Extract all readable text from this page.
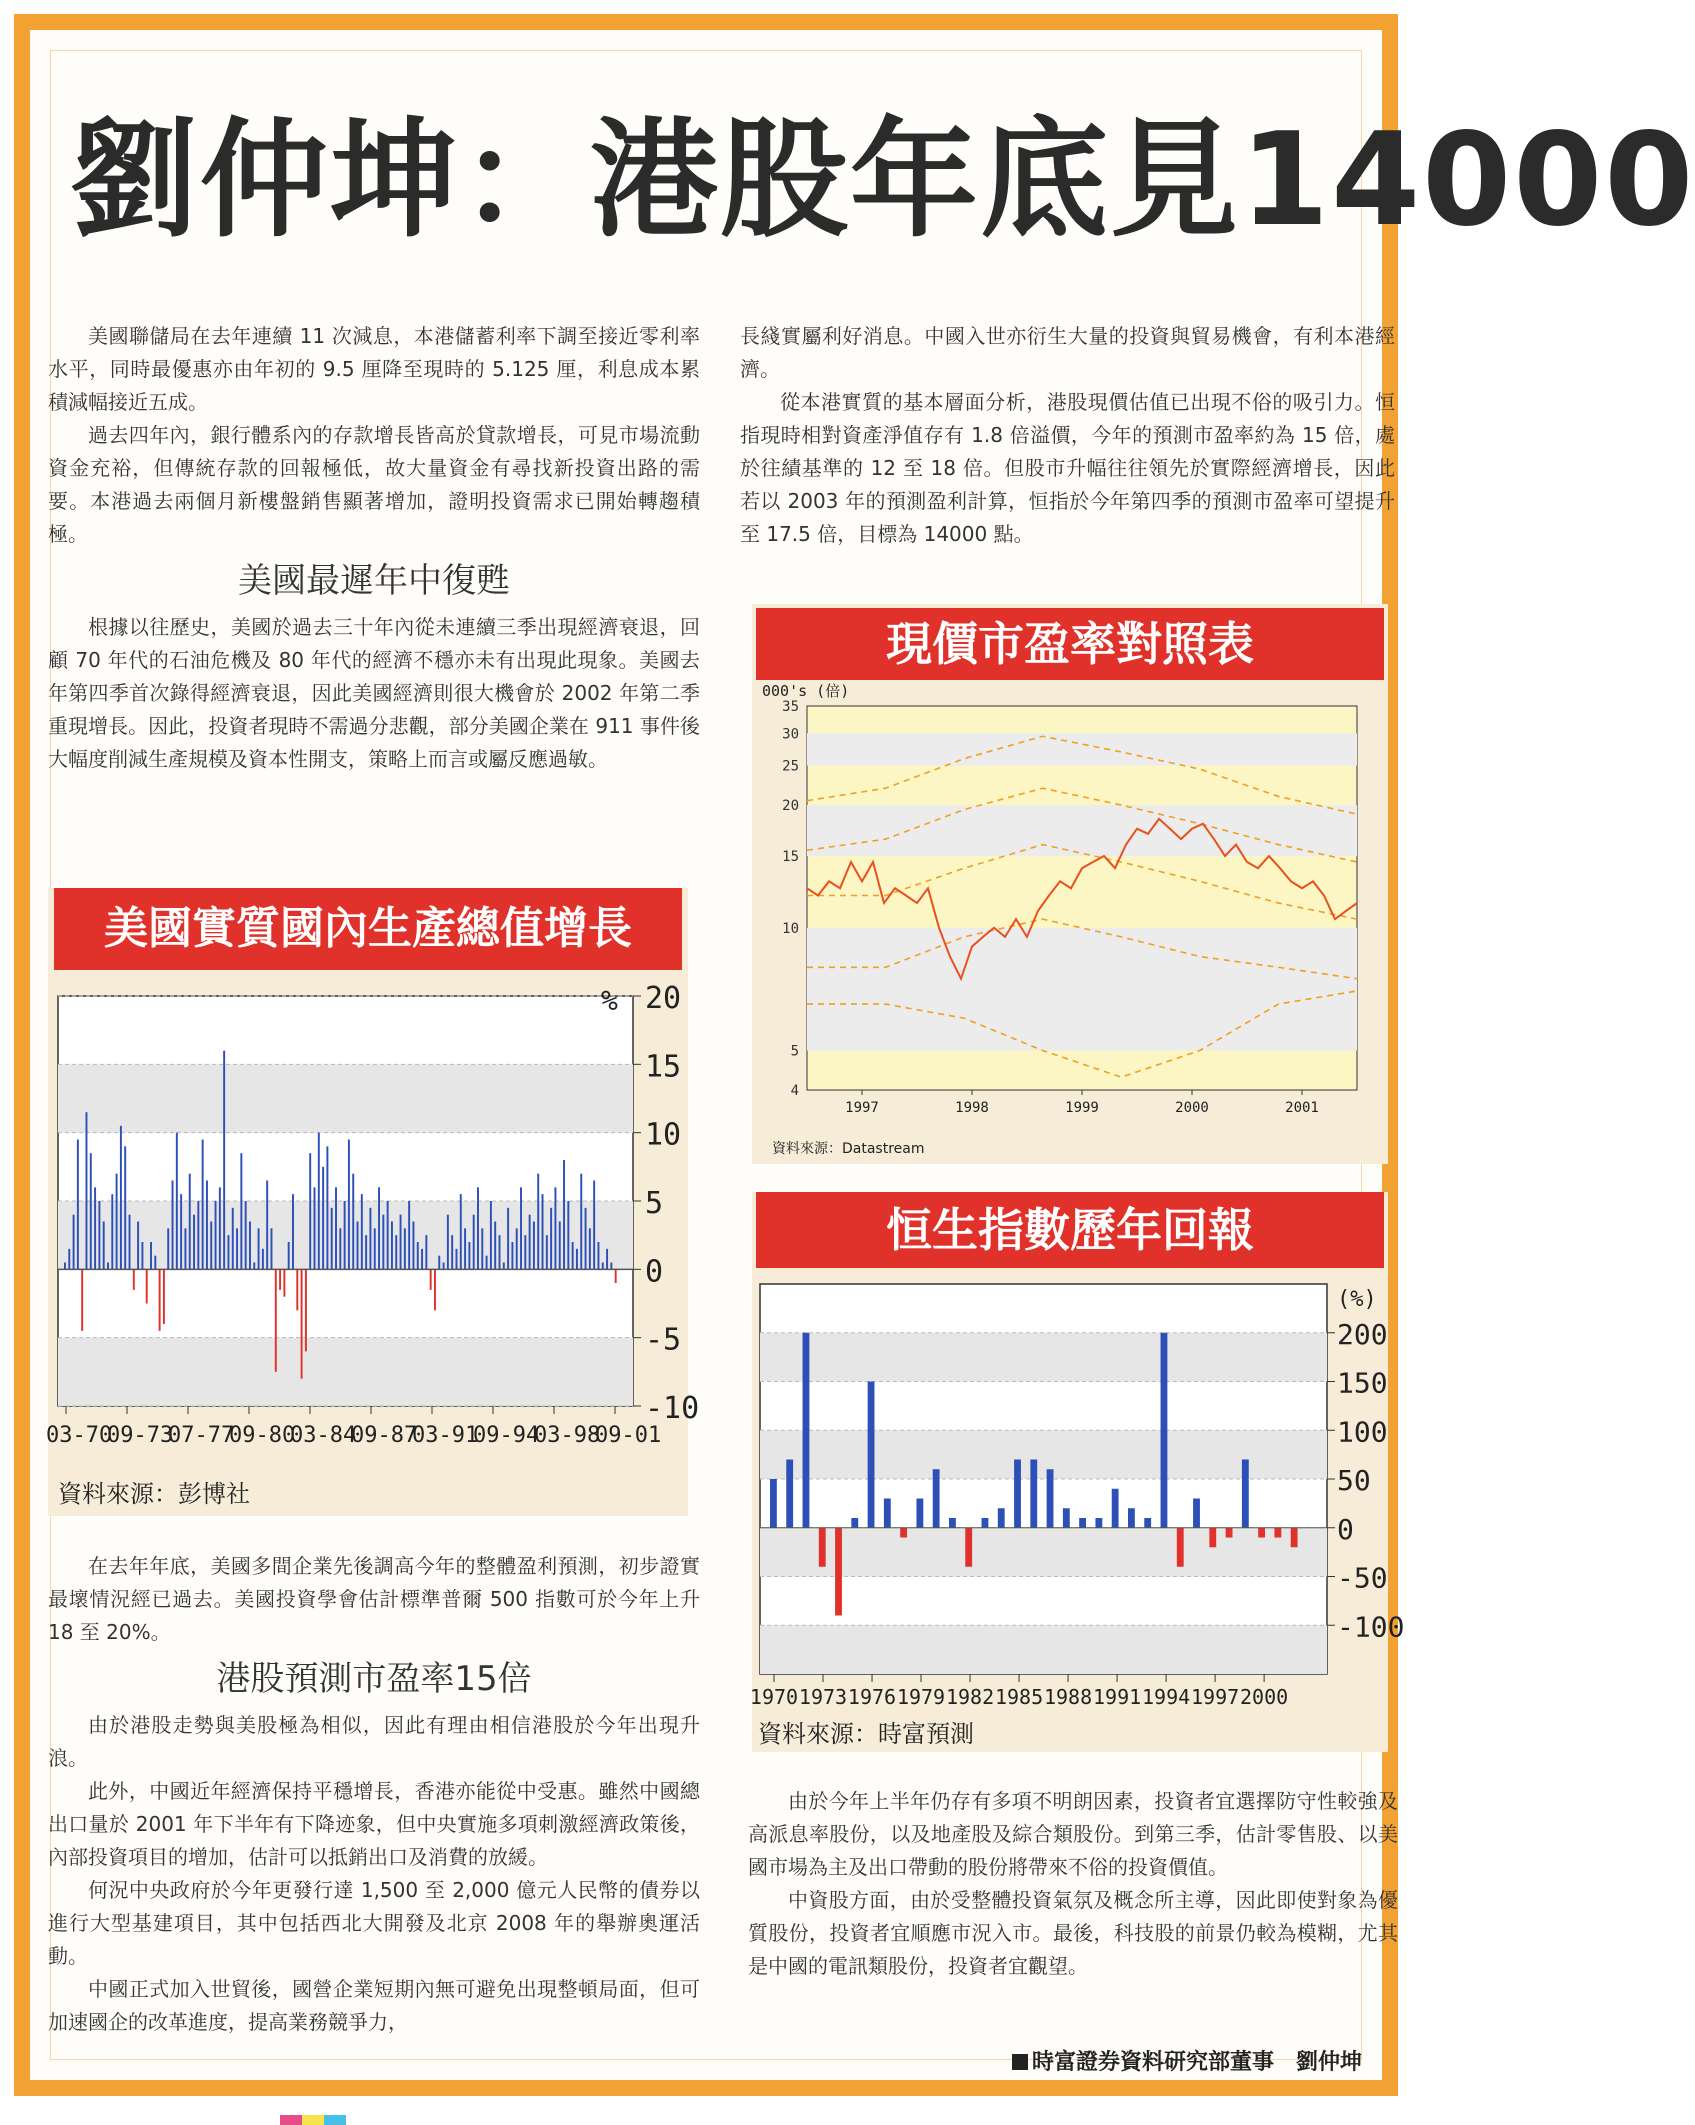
劉仲坤：港股年底見14000

美國聯儲局在去年連續 11 次減息，本港儲蓄利率下調至接近零利率水平，同時最優惠亦由年初的 9.5 厘降至現時的 5.125 厘，利息成本累積減幅接近五成。

過去四年內，銀行體系內的存款增長皆高於貸款增長，可見市場流動資金充裕，但傳統存款的回報極低，故大量資金有尋找新投資出路的需要。本港過去兩個月新樓盤銷售顯著增加，證明投資需求已開始轉趨積極。

美國最遲年中復甦

根據以往歷史，美國於過去三十年內從未連續三季出現經濟衰退，回顧 70 年代的石油危機及 80 年代的經濟不穩亦未有出現此現象。美國去年第四季首次錄得經濟衰退，因此美國經濟則很大機會於 2002 年第二季重現增長。因此，投資者現時不需過分悲觀，部分美國企業在 911 事件後大幅度削減生產規模及資本性開支，策略上而言或屬反應過敏。

美國實質國內生產總值增長
20
15
10
5
0
-5
-10
%
03-70
09-73
07-77
09-80
03-84
09-87
03-91
09-94
03-98
09-01
資料來源：彭博社

在去年年底，美國多間企業先後調高今年的整體盈利預測，初步證實最壞情況經已過去。美國投資學會估計標準普爾 500 指數可於今年上升18 至 20%。

港股預測市盈率15倍

由於港股走勢與美股極為相似，因此有理由相信港股於今年出現升浪。

此外，中國近年經濟保持平穩增長，香港亦能從中受惠。雖然中國總出口量於 2001 年下半年有下降迹象，但中央實施多項刺激經濟政策後，內部投資項目的增加，估計可以抵銷出口及消費的放緩。

何況中央政府於今年更發行達 1,500 至 2,000 億元人民幣的債券以進行大型基建項目，其中包括西北大開發及北京 2008 年的舉辦奧運活動。

中國正式加入世貿後，國營企業短期內無可避免出現整頓局面，但可加速國企的改革進度，提高業務競爭力，

長綫實屬利好消息。中國入世亦衍生大量的投資與貿易機會，有利本港經濟。

從本港實質的基本層面分析，港股現價估值已出現不俗的吸引力。恒指現時相對資產淨值存有 1.8 倍溢價，今年的預測市盈率約為 15 倍，處於往績基準的 12 至 18 倍。但股市升幅往往領先於實際經濟增長，因此若以 2003 年的預測盈利計算，恒指於今年第四季的預測市盈率可望提升至 17.5 倍，目標為 14000 點。

現價市盈率對照表
35
30
25
20
15
10
5
4
000's (倍)
1997	1998	1999	2000	2001
資料來源：Datastream
恒生指數歷年回報
200
150
100
50
0
-50
-100
(%)
1970 1973 1976 1979 1982 1985 1988 1991 1994 1997 2000
資料來源：時富預測

由於今年上半年仍存有多項不明朗因素，投資者宜選擇防守性較強及高派息率股份，以及地產股及綜合類股份。到第三季，估計零售股、以美國市場為主及出口帶動的股份將帶來不俗的投資價值。

中資股方面，由於受整體投資氣氛及概念所主導，因此即使對象為優質股份，投資者宜順應市況入市。最後，科技股的前景仍較為模糊，尤其是中國的電訊類股份，投資者宜觀望。

時富證券資料研究部董事　劉仲坤
